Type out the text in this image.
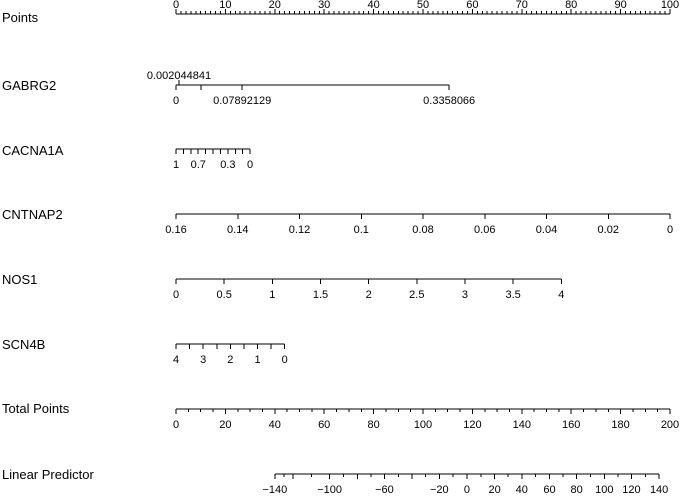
Points
0	10	20	30	40	50	60	70	80	90	100
GABRG2
0
0.002044841
0.07892129	0.3358066
CACNA1A
1 0.7 0.3 0
CNTNAP2
0.16	0.14	0.12	0.1	0.08	0.06	0.04	0.02	0
NOS1
0	0.5	1	1.5	2	2.5	3	3.5	4
SCN4B
4 3 2 1 0
Total Points
0	20	40	60	80	100	120	140	160	180	200
Linear Predictor
−140	−100	−60	−20 0 20 40 60 80 100 120 140
